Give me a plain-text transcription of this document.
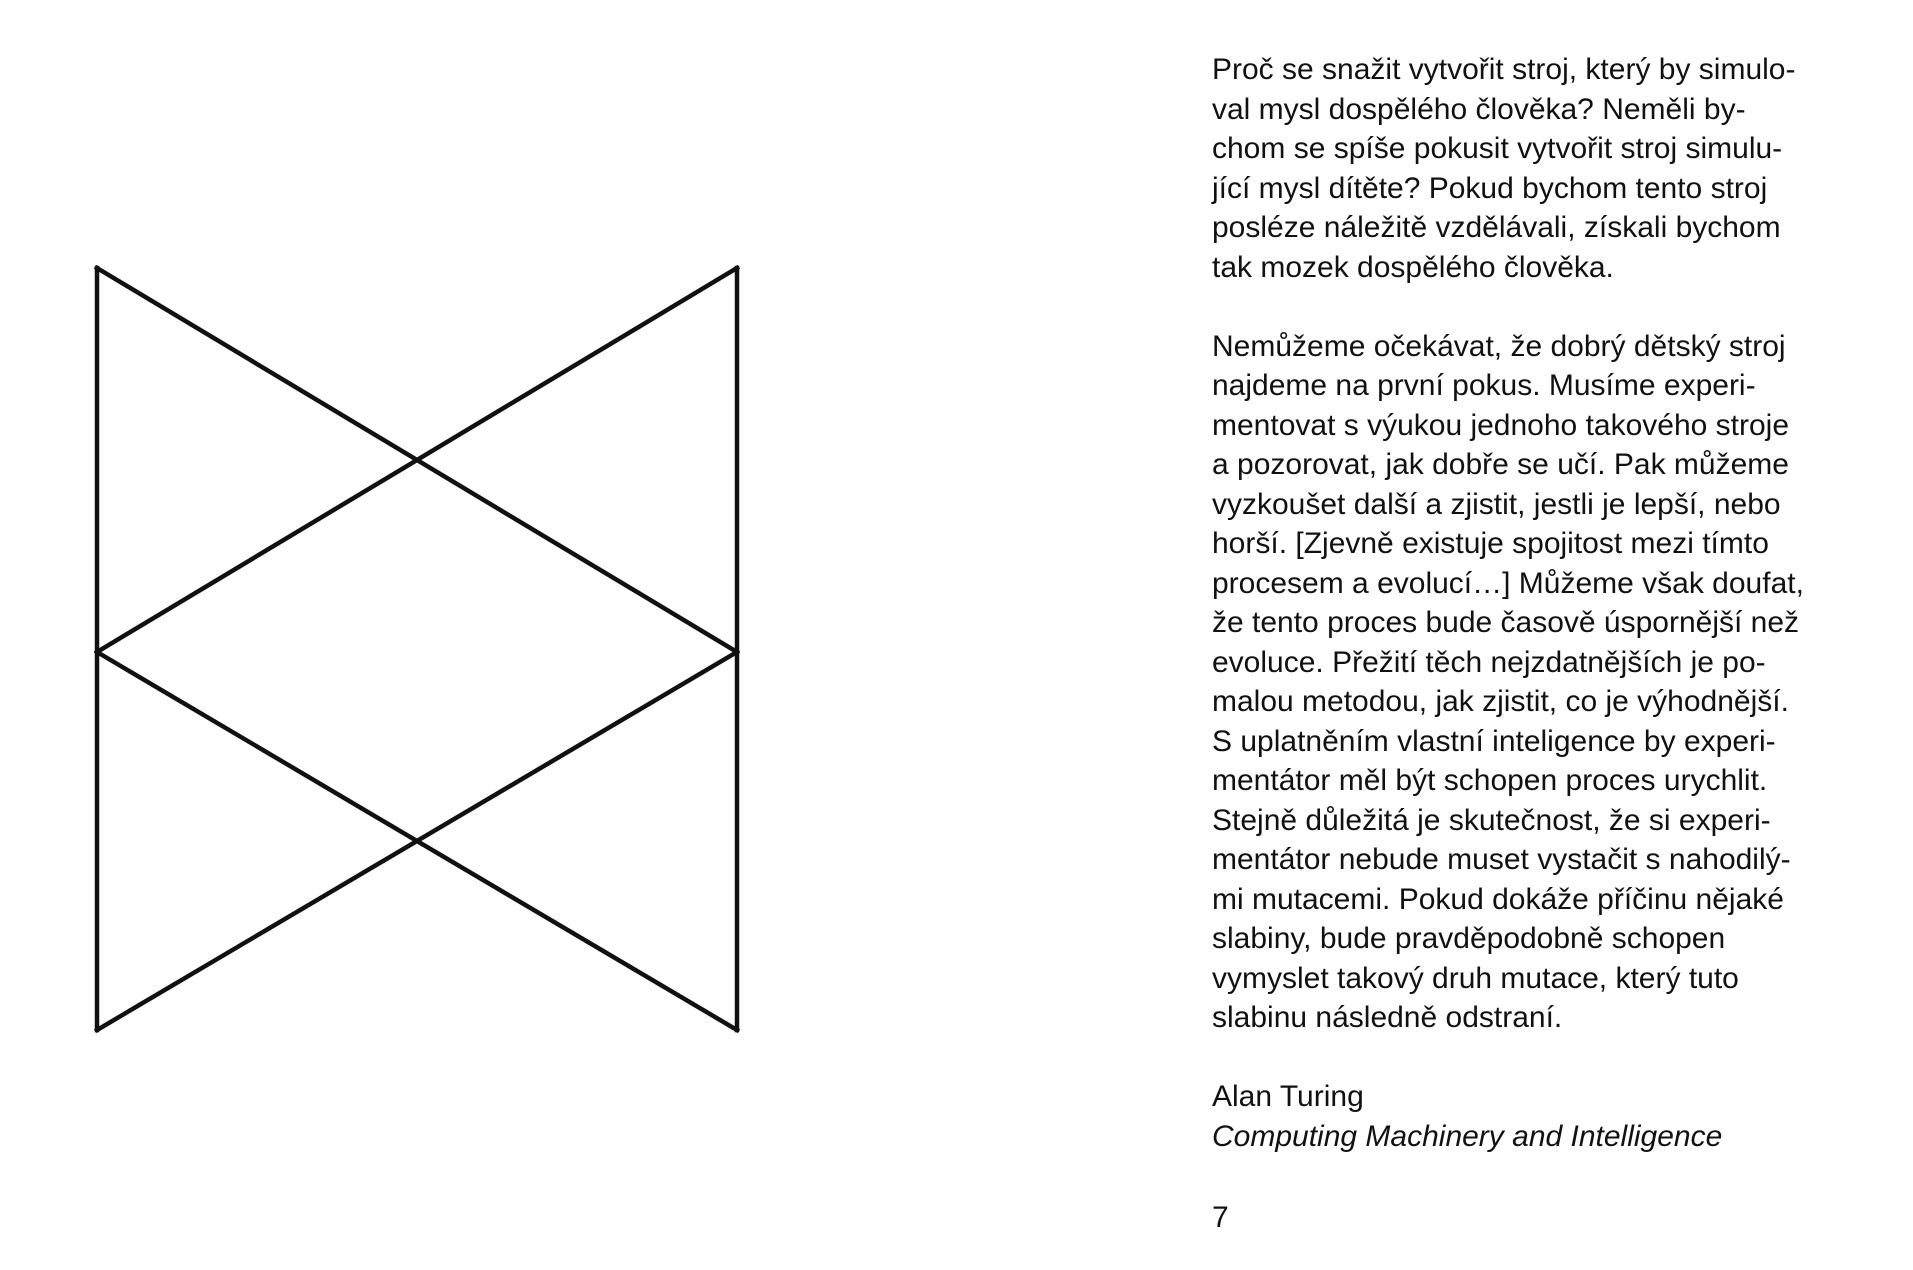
Proč se snažit vytvořit stroj, který by simulo-
val mysl dospělého člověka? Neměli by-
chom se spíše pokusit vytvořit stroj simulu-
jící mysl dítěte? Pokud bychom tento stroj
posléze náležitě vzdělávali, získali bychom
tak mozek dospělého člověka.

Nemůžeme očekávat, že dobrý dětský stroj
najdeme na první pokus. Musíme experi-
mentovat s výukou jednoho takového stroje
a pozorovat, jak dobře se učí. Pak můžeme
vyzkoušet další a zjistit, jestli je lepší, nebo
horší. [Zjevně existuje spojitost mezi tímto
procesem a evolucí…] Můžeme však doufat,
že tento proces bude časově úspornější než
evoluce. Přežití těch nejzdatnějších je po-
malou metodou, jak zjistit, co je výhodnější.
S uplatněním vlastní inteligence by experi-
mentátor měl být schopen proces urychlit.
Stejně důležitá je skutečnost, že si experi-
mentátor nebude muset vystačit s nahodilý-
mi mutacemi. Pokud dokáže příčinu nějaké
slabiny, bude pravděpodobně schopen
vymyslet takový druh mutace, který tuto
slabinu následně odstraní.

Alan Turing
Computing Machinery and Intelligence
7
